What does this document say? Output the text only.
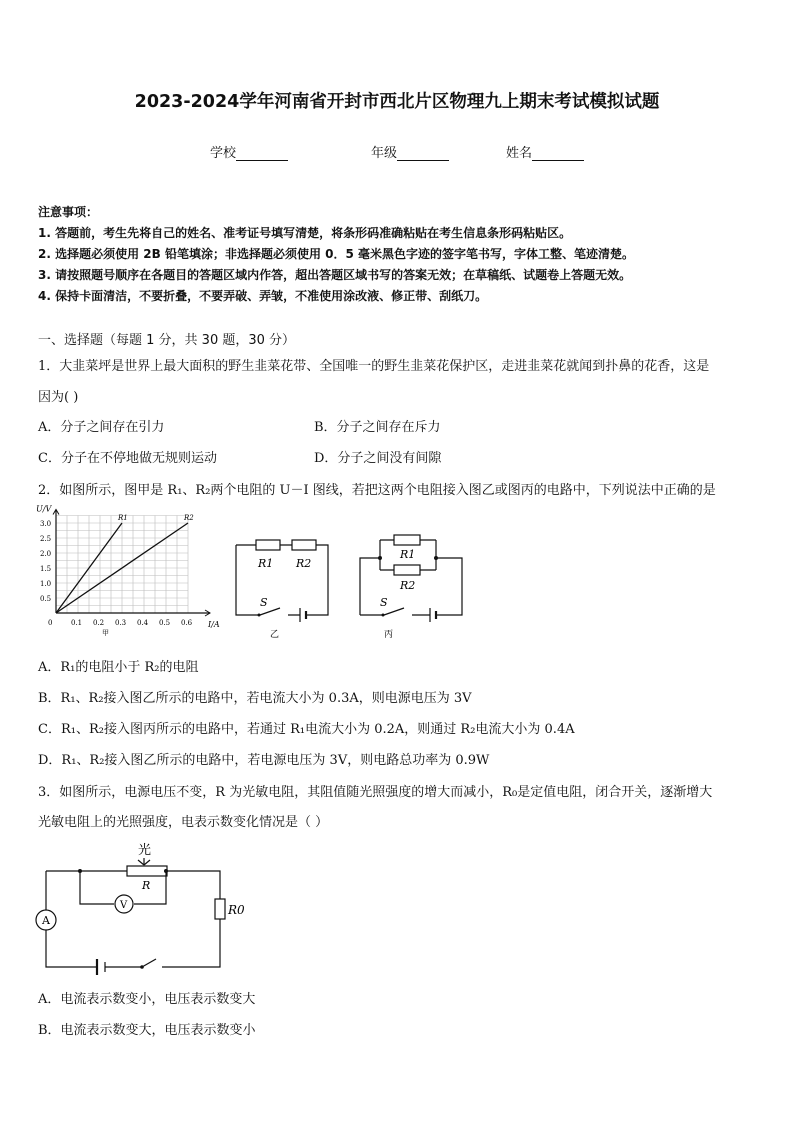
2023-2024学年河南省开封市西北片区物理九上期末考试模拟试题
学校	年级	姓名
注意事项：
1. 答题前，考生先将自己的姓名、准考证号填写清楚，将条形码准确粘贴在考生信息条形码粘贴区。
2. 选择题必须使用 2B 铅笔填涂；非选择题必须使用 0．5 毫米黑色字迹的签字笔书写，字体工整、笔迹清楚。
3. 请按照题号顺序在各题目的答题区域内作答，超出答题区域书写的答案无效；在草稿纸、试题卷上答题无效。
4. 保持卡面清洁，不要折叠，不要弄破、弄皱，不准使用涂改液、修正带、刮纸刀。
一、选择题（每题 1 分，共 30 题，30 分）
1．大韭菜坪是世界上最大面积的野生韭菜花带、全国唯一的野生韭菜花保护区，走进韭菜花就闻到扑鼻的花香，这是
因为( )
A．分子之间存在引力	B．分子之间存在斥力
C．分子在不停地做无规则运动	D．分子之间没有间隙
2．如图所示，图甲是 R₁、R₂两个电阻的 U－I 图线，若把这两个电阻接入图乙或图丙的电路中，下列说法中正确的是
0.1 0.2 0.3 0.4 0.5 0.6
0.5
1.0
1.5
2.0
2.5
3.0
0	I/A
U/V
甲
R1	R2
R1 R2
S
乙
R1
R2
S
丙
A．R₁的电阻小于 R₂的电阻
B．R₁、R₂接入图乙所示的电路中，若电流大小为 0.3A，则电源电压为 3V
C．R₁、R₂接入图丙所示的电路中，若通过 R₁电流大小为 0.2A，则通过 R₂电流大小为 0.4A
D．R₁、R₂接入图乙所示的电路中，若电源电压为 3V，则电路总功率为 0.9W
3．如图所示，电源电压不变，R 为光敏电阻，其阻值随光照强度的增大而减小，R₀是定值电阻，闭合开关，逐渐增大
光敏电阻上的光照强度，电表示数变化情况是（ ）
光
R
V
A
R0
A．电流表示数变小，电压表示数变大
B．电流表示数变大，电压表示数变小
